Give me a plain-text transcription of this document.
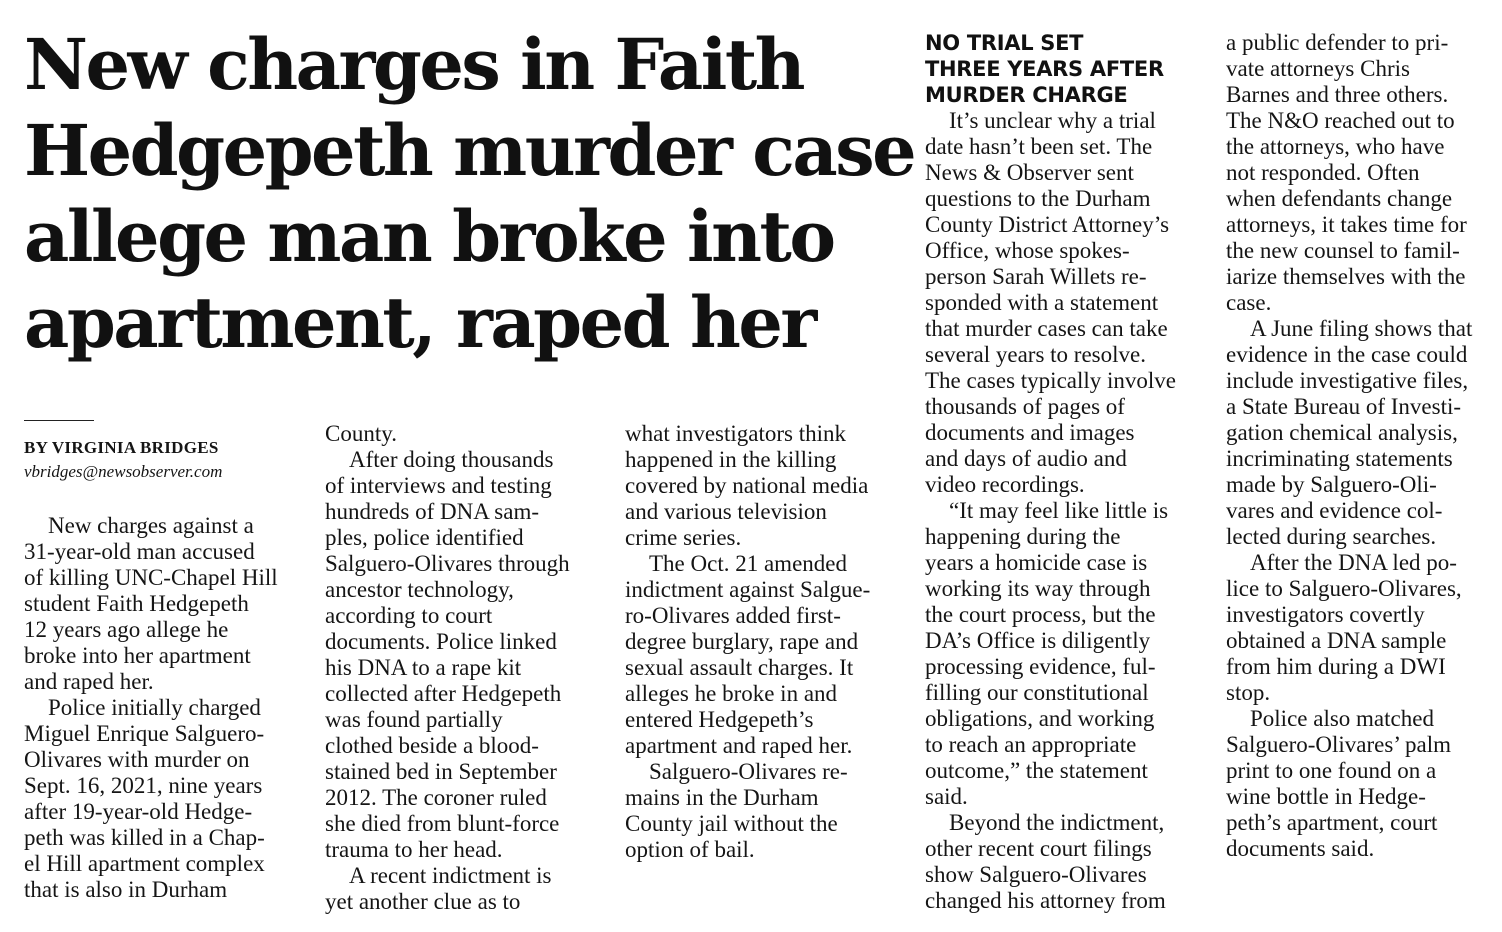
New charges in Faith
Hedgepeth murder case
allege man broke into
apartment, raped her

BY VIRGINIA BRIDGES

vbridges@newsobserver.com

New charges against a

31-year-old man accused

of killing UNC-Chapel Hill

student Faith Hedgepeth

12 years ago allege he

broke into her apartment

and raped her.

Police initially charged

Miguel Enrique Salguero-

Olivares with murder on

Sept. 16, 2021, nine years

after 19-year-old Hedge-

peth was killed in a Chap-

el Hill apartment complex

that is also in Durham

County.

After doing thousands

of interviews and testing

hundreds of DNA sam-

ples, police identified

Salguero-Olivares through

ancestor technology,

according to court

documents. Police linked

his DNA to a rape kit

collected after Hedgepeth

was found partially

clothed beside a blood-

stained bed in September

2012. The coroner ruled

she died from blunt-force

trauma to her head.

A recent indictment is

yet another clue as to

what investigators think

happened in the killing

covered by national media

and various television

crime series.

The Oct. 21 amended

indictment against Salgue-

ro-Olivares added first-

degree burglary, rape and

sexual assault charges. It

alleges he broke in and

entered Hedgepeth’s

apartment and raped her.

Salguero-Olivares re-

mains in the Durham

County jail without the

option of bail.

NO TRIAL SET

THREE YEARS AFTER

MURDER CHARGE

It’s unclear why a trial

date hasn’t been set. The

News & Observer sent

questions to the Durham

County District Attorney’s

Office, whose spokes-

person Sarah Willets re-

sponded with a statement

that murder cases can take

several years to resolve.

The cases typically involve

thousands of pages of

documents and images

and days of audio and

video recordings.

“It may feel like little is

happening during the

years a homicide case is

working its way through

the court process, but the

DA’s Office is diligently

processing evidence, ful-

filling our constitutional

obligations, and working

to reach an appropriate

outcome,” the statement

said.

Beyond the indictment,

other recent court filings

show Salguero-Olivares

changed his attorney from

a public defender to pri-

vate attorneys Chris

Barnes and three others.

The N&O reached out to

the attorneys, who have

not responded. Often

when defendants change

attorneys, it takes time for

the new counsel to famil-

iarize themselves with the

case.

A June filing shows that

evidence in the case could

include investigative files,

a State Bureau of Investi-

gation chemical analysis,

incriminating statements

made by Salguero-Oli-

vares and evidence col-

lected during searches.

After the DNA led po-

lice to Salguero-Olivares,

investigators covertly

obtained a DNA sample

from him during a DWI

stop.

Police also matched

Salguero-Olivares’ palm

print to one found on a

wine bottle in Hedge-

peth’s apartment, court

documents said.
